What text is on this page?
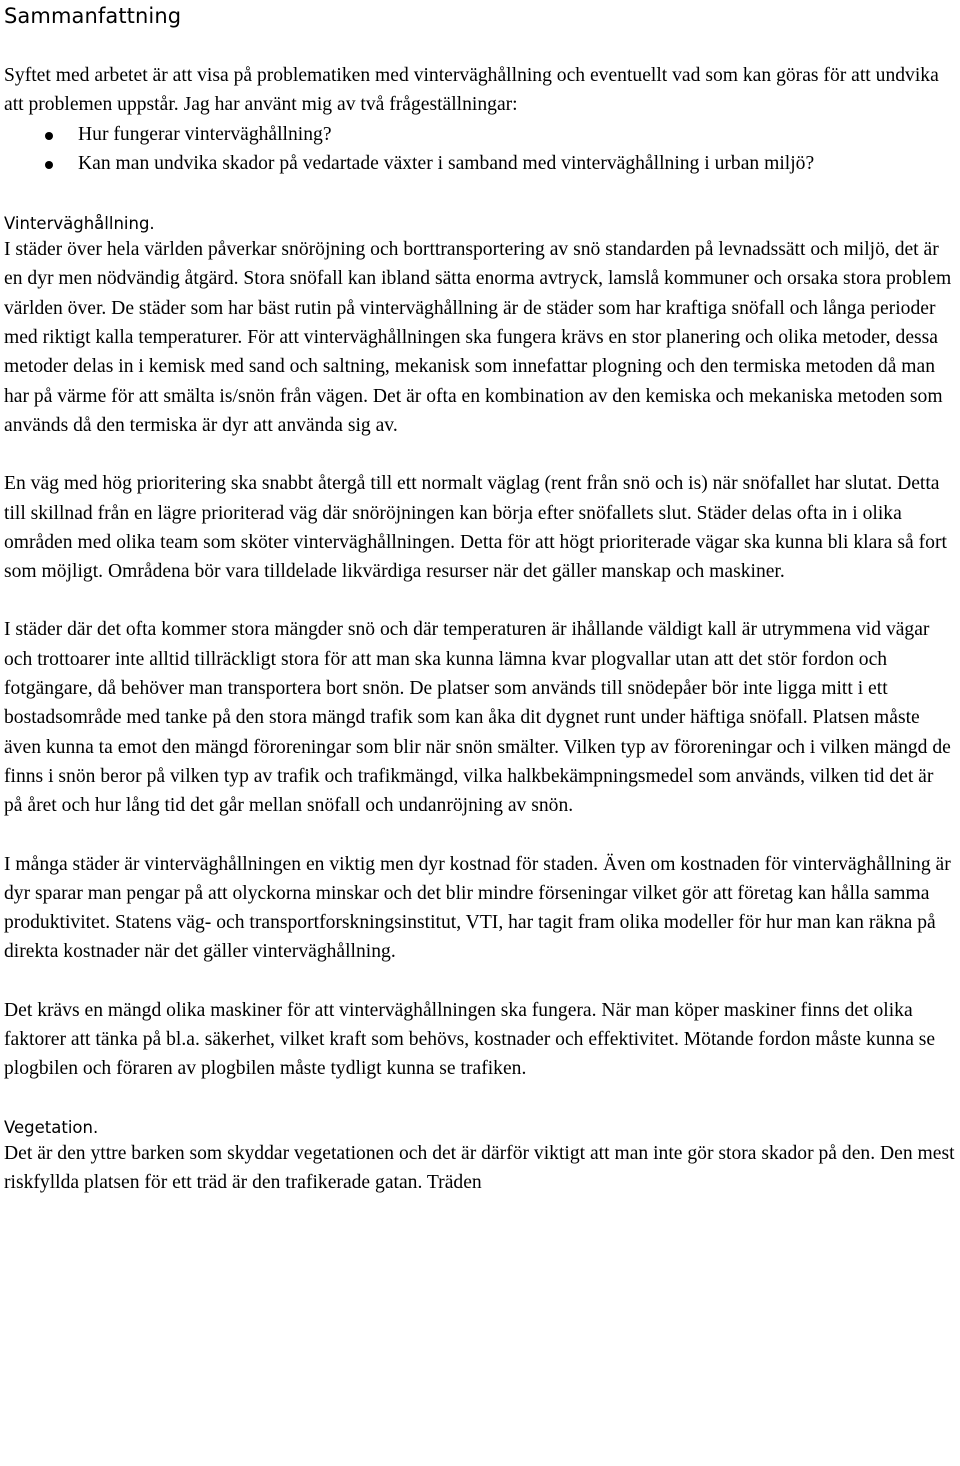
Sammanfattning

Syftet med arbetet är att visa på problematiken med vinterväghållning och eventuellt vad som kan göras för att undvika att problemen uppstår. Jag har använt mig av två frågeställningar:

Hur fungerar vinterväghållning?
Kan man undvika skador på vedartade växter i samband med vinterväghållning i urban miljö?
Vinterväghållning.

I städer över hela världen påverkar snöröjning och borttransportering av snö standarden på levnadssätt och miljö, det är en dyr men nödvändig åtgärd. Stora snöfall kan ibland sätta enorma avtryck, lamslå kommuner och orsaka stora problem världen över. De städer som har bäst rutin på vinterväghållning är de städer som har kraftiga snöfall och långa perioder med riktigt kalla temperaturer. För att vinterväghållningen ska fungera krävs en stor planering och olika metoder, dessa metoder delas in i kemisk med sand och saltning, mekanisk som innefattar plogning och den termiska metoden då man har på värme för att smälta is/snön från vägen. Det är ofta en kombination av den kemiska och mekaniska metoden som används då den termiska är dyr att använda sig av.

En väg med hög prioritering ska snabbt återgå till ett normalt väglag (rent från snö och is) när snöfallet har slutat. Detta till skillnad från en lägre prioriterad väg där snöröjningen kan börja efter snöfallets slut. Städer delas ofta in i olika områden med olika team som sköter vinterväghållningen. Detta för att högt prioriterade vägar ska kunna bli klara så fort som möjligt. Områdena bör vara tilldelade likvärdiga resurser när det gäller manskap och maskiner.

I städer där det ofta kommer stora mängder snö och där temperaturen är ihållande väldigt kall är utrymmena vid vägar och trottoarer inte alltid tillräckligt stora för att man ska kunna lämna kvar plogvallar utan att det stör fordon och fotgängare, då behöver man transportera bort snön. De platser som används till snödepåer bör inte ligga mitt i ett bostadsområde med tanke på den stora mängd trafik som kan åka dit dygnet runt under häftiga snöfall. Platsen måste även kunna ta emot den mängd föroreningar som blir när snön smälter. Vilken typ av föroreningar och i vilken mängd de finns i snön beror på vilken typ av trafik och trafikmängd, vilka halkbekämpningsmedel som används, vilken tid det är på året och hur lång tid det går mellan snöfall och undanröjning av snön.

I många städer är vinterväghållningen en viktig men dyr kostnad för staden. Även om kostnaden för vinterväghållning är dyr sparar man pengar på att olyckorna minskar och det blir mindre förseningar vilket gör att företag kan hålla samma produktivitet. Statens väg- och transportforskningsinstitut, VTI, har tagit fram olika modeller för hur man kan räkna på direkta kostnader när det gäller vinterväghållning.

Det krävs en mängd olika maskiner för att vinterväghållningen ska fungera. När man köper maskiner finns det olika faktorer att tänka på bl.a. säkerhet, vilket kraft som behövs, kostnader och effektivitet. Mötande fordon måste kunna se plogbilen och föraren av plogbilen måste tydligt kunna se trafiken.

Vegetation.

Det är den yttre barken som skyddar vegetationen och det är därför viktigt att man inte gör stora skador på den. Den mest riskfyllda platsen för ett träd är den trafikerade gatan. Träden
